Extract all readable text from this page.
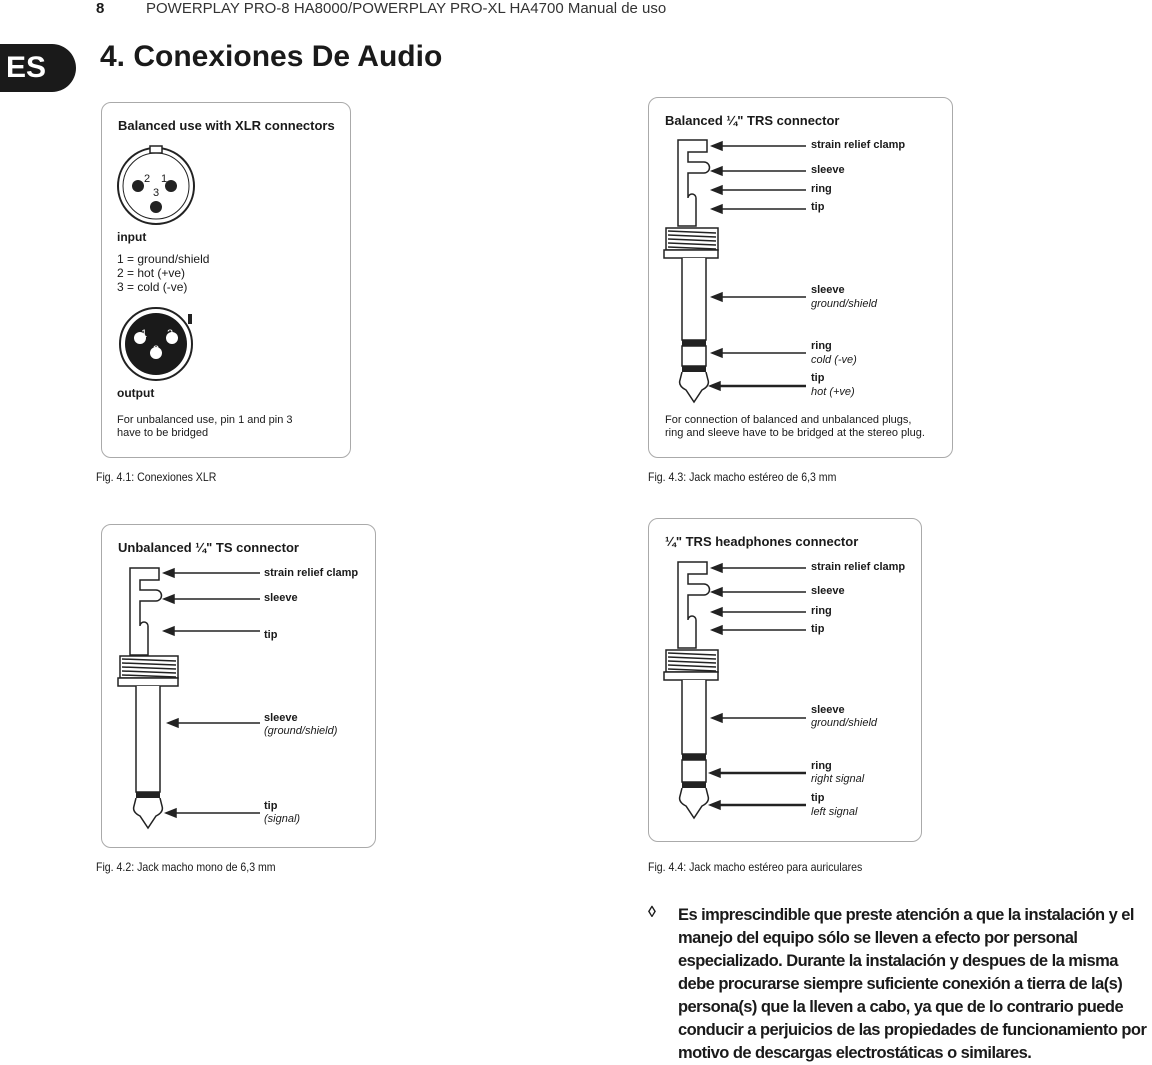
8	POWERPLAY PRO-8 HA8000/POWERPLAY PRO-XL HA4700 Manual de uso
ES	4. Conexiones De Audio
Balanced use with XLR connectors
2 1
3
input
1 = ground/shield
2 = hot (+ve)
3 = cold (-ve)
1 2
3
output
For unbalanced use, pin 1 and pin 3
have to be bridged
Fig. 4.1: Conexiones XLR
Unbalanced ¼" TS connector
strain relief clamp
sleeve
tip
sleeve
(ground/shield)
tip
(signal)
Fig. 4.2: Jack macho mono de 6,3 mm
Balanced ¼" TRS connector
strain relief clamp
sleeve
ring
tip
sleeve
ground/shield
ring
cold (-ve)
tip
hot (+ve)
For connection of balanced and unbalanced plugs,
ring and sleeve have to be bridged at the stereo plug.
Fig. 4.3: Jack macho estéreo de 6,3 mm
¼" TRS headphones connector
strain relief clamp
sleeve
ring
tip
sleeve
ground/shield
ring
right signal
tip
left signal
Fig. 4.4: Jack macho estéreo para auriculares
◊ Es imprescindible que preste atención a que la instalación y el manejo del equipo sólo se lleven a efecto por personal especializado. Durante la instalación y despues de la misma debe procurarse siempre suficiente conexión a tierra de la(s) persona(s) que la lleven a cabo, ya que de lo contrario puede conducir a perjuicios de las propiedades de funcionamiento por motivo de descargas electrostáticas o similares.
